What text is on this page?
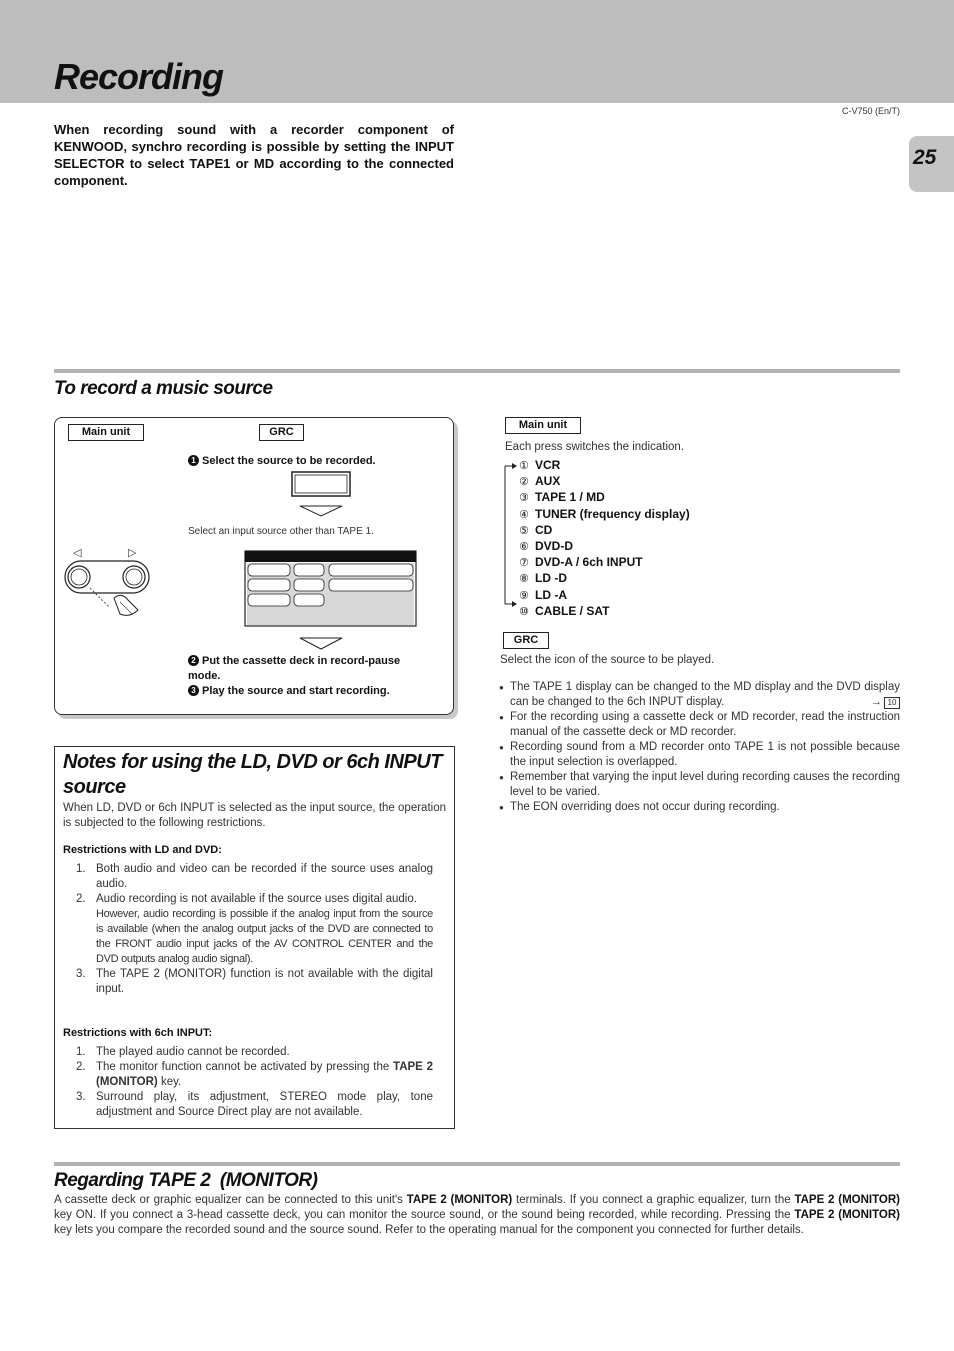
Recording
C-V750 (En/T)
25

When recording sound with a recorder component of KENWOOD, synchro recording is possible by setting the INPUT SELECTOR to select TAPE1 or MD according to the connected component.

To record a music source
Main unit	GRC
1 Select the source to be recorded.
Select an input source other than TAPE 1.
◁	▷
2 Put the cassette deck in record-pause mode.
3 Play the source and start recording.
Main unit
Each press switches the indication.
① VCR
② AUX
③ TAPE 1 / MD
④ TUNER (frequency display)
⑤ CD
⑥ DVD-D
⑦ DVD-A / 6ch INPUT
⑧ LD -D
⑨ LD -A
⑩ CABLE / SAT
GRC
Select the icon of the source to be played.
● The TAPE 1 display can be changed to the MD display and the DVD display can be changed to the 6ch INPUT display.	→ 10
● For the recording using a cassette deck or MD recorder, read the instruction manual of the cassette deck or MD recorder.
● Recording sound from a MD recorder onto TAPE 1 is not possible because the input selection is overlapped.
● Remember that varying the input level during recording causes the recording level to be varied.
● The EON overriding does not occur during recording.
Notes for using the LD, DVD or 6ch INPUT source
When LD, DVD or 6ch INPUT is selected as the input source, the operation is subjected to the following restrictions.
Restrictions with LD and DVD:
1. Both audio and video can be recorded if the source uses analog audio.
2. Audio recording is not available if the source uses digital audio.
However, audio recording is possible if the analog input from the source is available (when the analog output jacks of the DVD are connected to the FRONT audio input jacks of the AV CONTROL CENTER and the DVD outputs analog audio signal).
3. The TAPE 2 (MONITOR) function is not available with the digital input.
Restrictions with 6ch INPUT:
1. The played audio cannot be recorded.
2. The monitor function cannot be activated by pressing the TAPE 2 (MONITOR) key.
3. Surround play, its adjustment, STEREO mode play, tone adjustment and Source Direct play are not available.
Regarding TAPE 2  (MONITOR)

A cassette deck or graphic equalizer can be connected to this unit's TAPE 2 (MONITOR) terminals. If you connect a graphic equalizer, turn the TAPE 2 (MONITOR) key ON. If you connect a 3-head cassette deck, you can monitor the source sound, or the sound being recorded, while recording. Pressing the TAPE 2 (MONITOR) key lets you compare the recorded sound and the source sound. Refer to the operating manual for the component you connected for further details.
